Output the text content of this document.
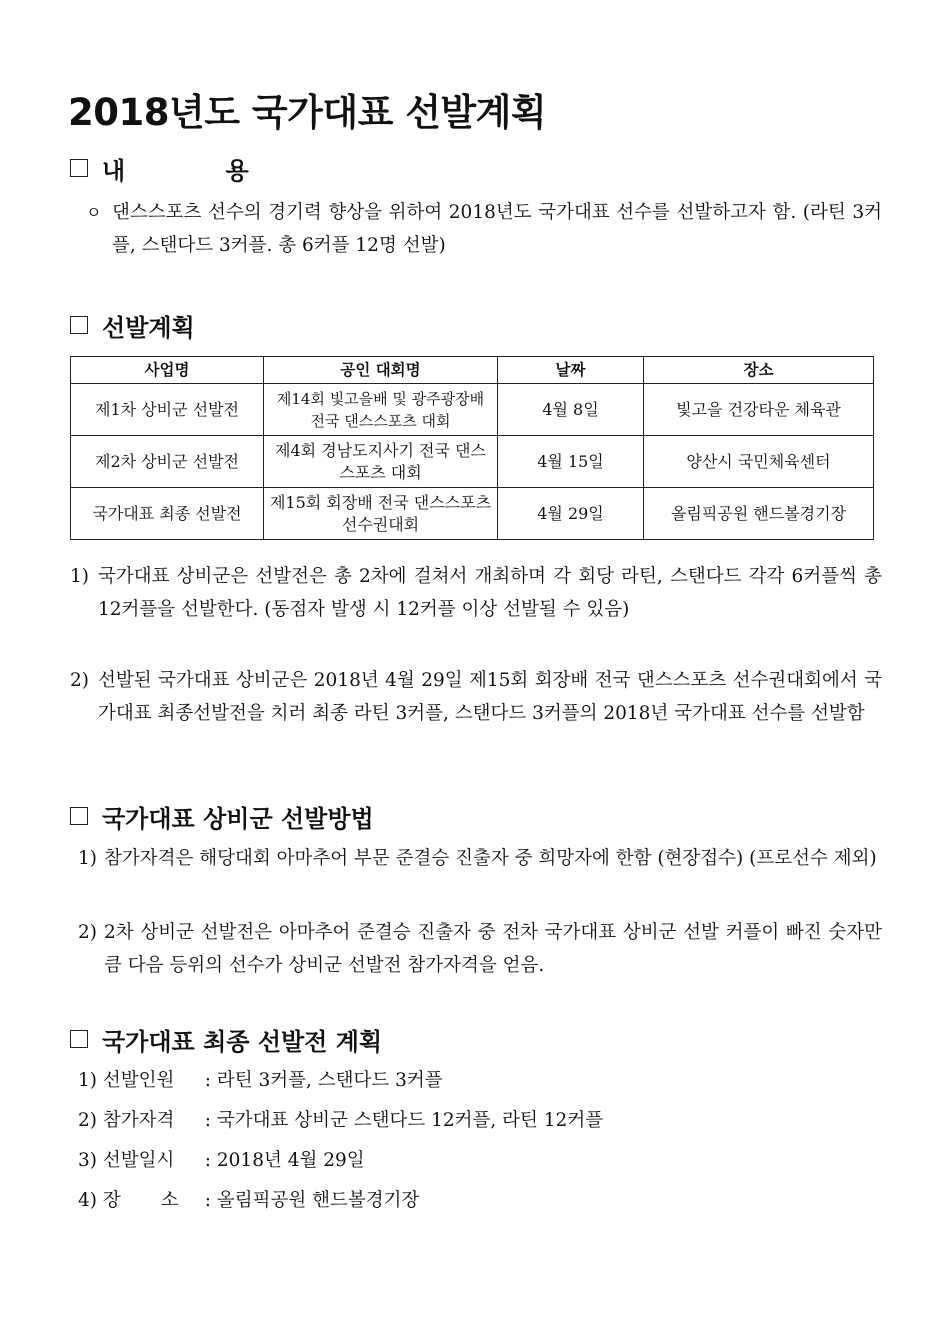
2018년도 국가대표 선발계획
내 용
ㅇ 댄스스포츠 선수의 경기력 향상을 위하여 2018년도 국가대표 선수를 선발하고자 함. (라틴 3커플, 스탠다드 3커플. 총 6커플 12명 선발)
선발계획
사업명	공인 대회명	날짜	장소
제1차 상비군 선발전	제14회 빛고을배 및 광주광장배 전국 댄스스포츠 대회	4월 8일	빛고을 건강타운 체육관
제2차 상비군 선발전	제4회 경남도지사기 전국 댄스스포츠 대회	4월 15일	양산시 국민체육센터
국가대표 최종 선발전	제15회 회장배 전국 댄스스포츠 선수권대회	4월 29일	올림픽공원 핸드볼경기장
1) 국가대표 상비군은 선발전은 총 2차에 걸쳐서 개최하며 각 회당 라틴, 스탠다드 각각 6커플씩 총 12커플을 선발한다. (동점자 발생 시 12커플 이상 선발될 수 있음)
2) 선발된 국가대표 상비군은 2018년 4월 29일 제15회 회장배 전국 댄스스포츠 선수권대회에서 국가대표 최종선발전을 치러 최종 라틴 3커플, 스탠다드 3커플의 2018년 국가대표 선수를 선발함
국가대표 상비군 선발방법
1) 참가자격은 해당대회 아마추어 부문 준결승 진출자 중 희망자에 한함 (현장접수) (프로선수 제외)
2) 2차 상비군 선발전은 아마추어 준결승 진출자 중 전차 국가대표 상비군 선발 커플이 빠진 숫자만큼 다음 등위의 선수가 상비군 선발전 참가자격을 얻음.
국가대표 최종 선발전 계획
1) 선발인원 : 라틴 3커플, 스탠다드 3커플
2) 참가자격 : 국가대표 상비군 스탠다드 12커플, 라틴 12커플
3) 선발일시 : 2018년 4월 29일
4) 장 소 : 올림픽공원 핸드볼경기장
